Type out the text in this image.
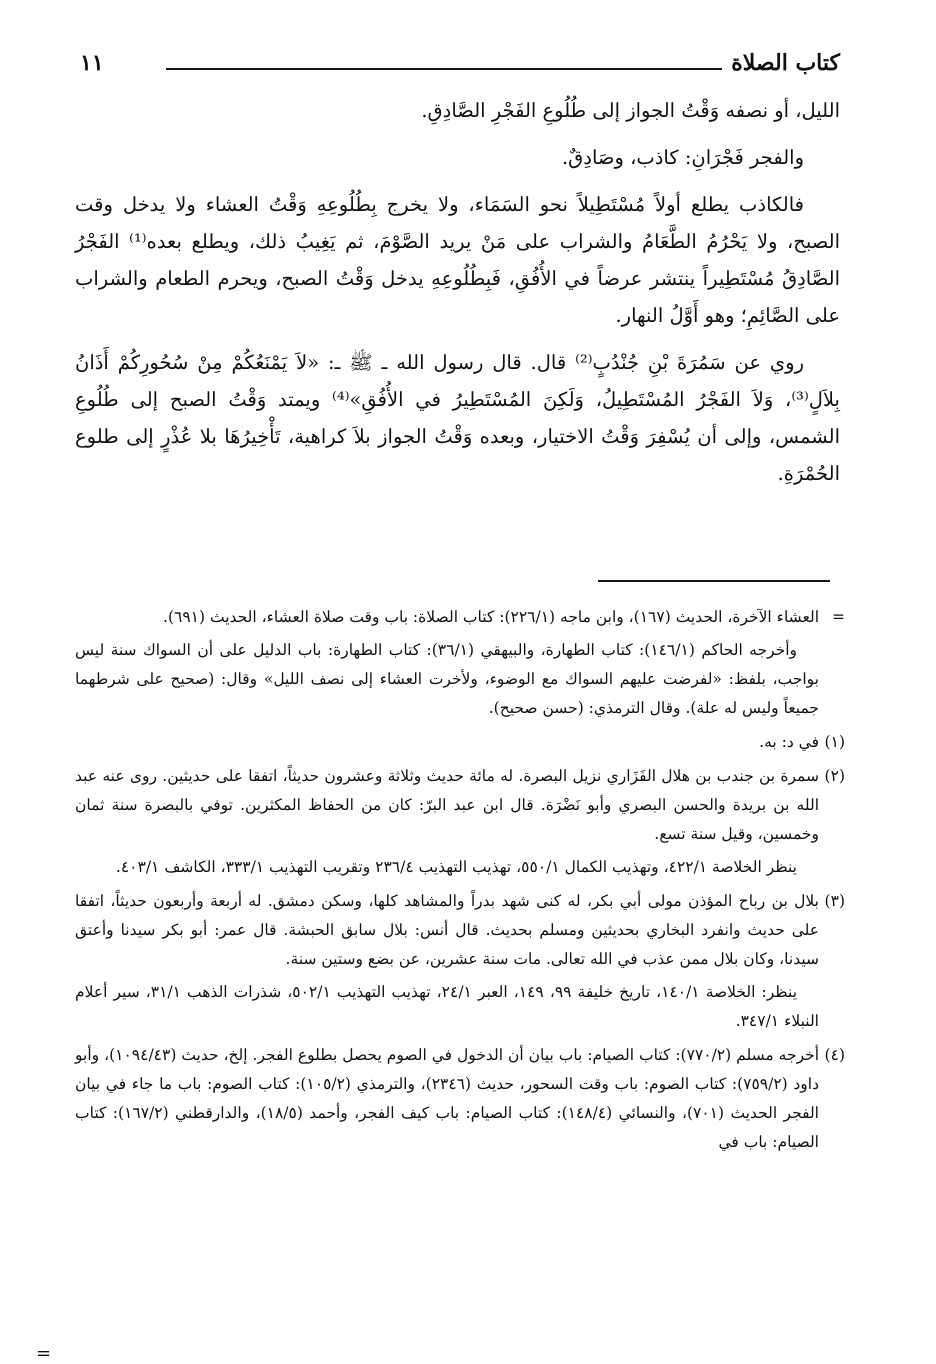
كتاب الصلاة
١١

الليل، أو نصفه وَقْتُ الجواز إلى طُلُوعِ الفَجْرِ الصَّادِقِ.

والفجر فَجْرَانِ: كاذب، وصَادِقٌ.

فالكاذب يطلع أولاً مُسْتَطِيلاً نحو السَمَاء، ولا يخرج بِطُلُوعِهِ وَقْتُ العشاء ولا يدخل وقت الصبح، ولا يَحْرُمُ الطَّعَامُ والشراب على مَنْ يريد الصَّوْمَ، ثم يَغِيبُ ذلك، ويطلع بعده⁽¹⁾ الفَجْرُ الصَّادِقُ مُسْتَطِيراً ينتشر عرضاً في الأُفُقِ، فَبِطُلُوعِهِ يدخل وَقْتُ الصبح، ويحرم الطعام والشراب على الصَّائِمِ؛ وهو أَوَّلُ النهار.

روي عن سَمُرَةَ بْنِ جُنْدُبٍ⁽²⁾ قال. قال رسول الله ـ ﷺ ـ: «لاَ يَمْنَعُكُمْ مِنْ سُحُورِكُمْ أَذَانُ بِلاَلٍ⁽³⁾، وَلاَ الفَجْرُ المُسْتَطِيلُ، وَلَكِنَ المُسْتَطِيرُ في الأُفُقِ»⁽⁴⁾ ويمتد وَقْتُ الصبح إلى طُلُوعِ الشمس، وإلى أن يُسْفِرَ وَقْتُ الاختيار، وبعده وَقْتُ الجواز بلاَ كراهية، تَأْخِيرُهَا بلا عُذْرٍ إلى طلوع الحُمْرَةِ.

=

العشاء الآخرة، الحديث (١٦٧)، وابن ماجه (٢٢٦/١): كتاب الصلاة: باب وقت صلاة العشاء، الحديث (٦٩١).

وأخرجه الحاكم (١٤٦/١): كتاب الطهارة، والبيهقي (٣٦/١): كتاب الطهارة: باب الدليل على أن السواك سنة ليس بواجب، بلفظ: «لفرضت عليهم السواك مع الوضوء، ولأخرت العشاء إلى نصف الليل» وقال: (صحيح على شرطهما جميعاً وليس له علة). وقال الترمذي: (حسن صحيح).

(١)

في د: به.

(٢)

سمرة بن جندب بن هلال الفَزَاري نزيل البصرة. له مائة حديث وثلاثة وعشرون حديثاً، اتفقا على حديثين. روى عنه عبد الله بن بريدة والحسن البصري وأبو نَضْرَة. قال ابن عبد البرّ: كان من الحفاظ المكثرين. توفي بالبصرة سنة ثمان وخمسين، وقيل سنة تسع.

ينظر الخلاصة ٤٢٢/١، وتهذيب الكمال ٥٥٠/١، تهذيب التهذيب ٢٣٦/٤ وتقريب التهذيب ٣٣٣/١، الكاشف ٤٠٣/١.

(٣)

بلال بن رباح المؤذن مولى أبي بكر، له كنى شهد بدراً والمشاهد كلها، وسكن دمشق. له أربعة وأربعون حديثاً، اتفقا على حديث وانفرد البخاري بحديثين ومسلم بحديث. قال أنس: بلال سابق الحبشة. قال عمر: أبو بكر سيدنا وأعتق سيدنا، وكان بلال ممن عذب في الله تعالى. مات سنة عشرين، عن بضع وستين سنة.

ينظر: الخلاصة ١٤٠/١، تاريخ خليفة ٩٩، ١٤٩، العبر ٢٤/١، تهذيب التهذيب ٥٠٢/١، شذرات الذهب ٣١/١، سير أعلام النبلاء ٣٤٧/١.

(٤)

أخرجه مسلم (٧٧٠/٢): كتاب الصيام: باب بيان أن الدخول في الصوم يحصل بطلوع الفجر. إلخ، حديث (١٠٩٤/٤٣)، وأبو داود (٧٥٩/٢): كتاب الصوم: باب وقت السحور، حديث (٢٣٤٦)، والترمذي (١٠٥/٢): كتاب الصوم: باب ما جاء في بيان الفجر الحديث (٧٠١)، والنسائي (١٤٨/٤): كتاب الصيام: باب كيف الفجر، وأحمد (١٨/٥)، والدارقطني (١٦٧/٢): كتاب الصيام: باب في

=
